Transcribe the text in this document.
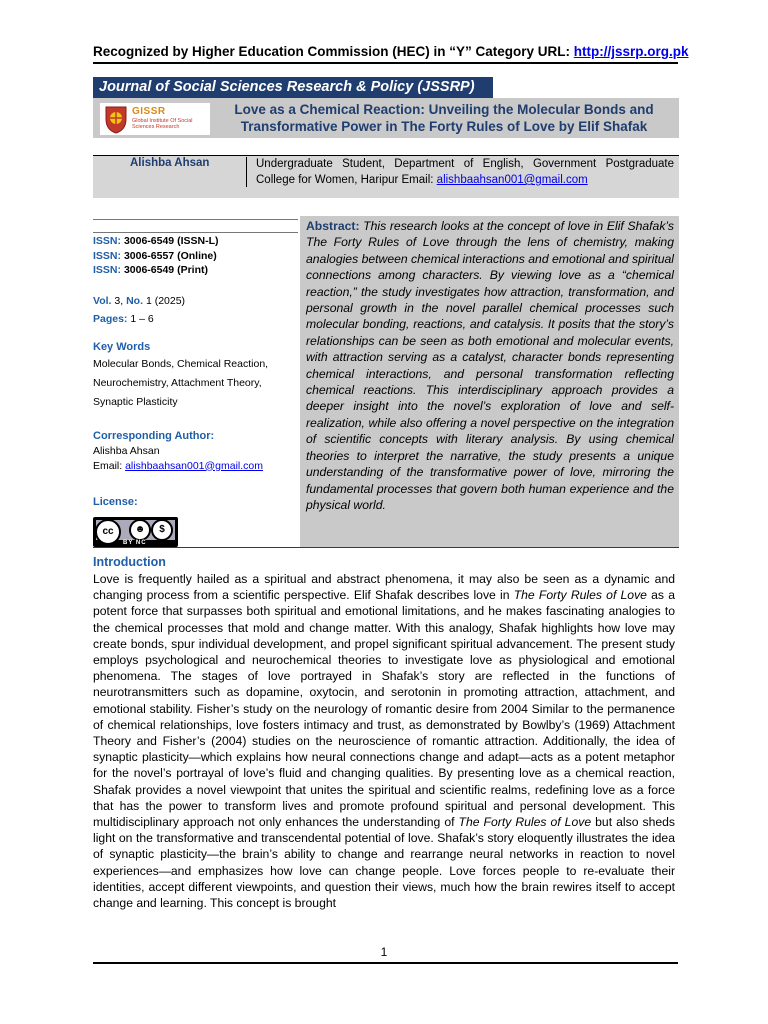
Recognized by Higher Education Commission (HEC) in “Y” Category URL: http://jssrp.org.pk
Journal of Social Sciences Research & Policy (JSSRP)
GISSR
Global Institute Of Social Sciences Research
Love as a Chemical Reaction: Unveiling the Molecular Bonds and
Transformative Power in The Forty Rules of Love by Elif Shafak
Alishba Ahsan	Undergraduate Student, Department of English, Government Postgraduate College for Women, Haripur Email: alishbaahsan001@gmail.com
ISSN: 3006-6549 (ISSN-L)
ISSN: 3006-6557 (Online)
ISSN: 3006-6549 (Print)
Vol. 3, No. 1 (2025)
Pages: 1 – 6
Key Words
Molecular Bonds, Chemical Reaction,
Neurochemistry, Attachment Theory,
Synaptic Plasticity
Corresponding Author:
Alishba Ahsan
Email: alishbaahsan001@gmail.com
License:
cc	☻	$
BY NC
Abstract: This research looks at the concept of love in Elif Shafak’s The Forty Rules of Love through the lens of chemistry, making analogies between chemical interactions and emotional and spiritual connections among characters. By viewing love as a “chemical reaction,” the study investigates how attraction, transformation, and personal growth in the novel parallel chemical processes such molecular bonding, reactions, and catalysis. It posits that the story’s relationships can be seen as both emotional and molecular events, with attraction serving as a catalyst, character bonds representing chemical interactions, and personal transformation reflecting chemical reactions. This interdisciplinary approach provides a deeper insight into the novel’s exploration of love and self-realization, while also offering a novel perspective on the integration of scientific concepts with literary analysis. By using chemical theories to interpret the narrative, the study presents a unique understanding of the transformative power of love, mirroring the fundamental processes that govern both human experience and the physical world.
Introduction
Love is frequently hailed as a spiritual and abstract phenomena, it may also be seen as a dynamic and changing process from a scientific perspective. Elif Shafak describes love in The Forty Rules of Love as a potent force that surpasses both spiritual and emotional limitations, and he makes fascinating analogies to the chemical processes that mold and change matter. With this analogy, Shafak highlights how love may create bonds, spur individual development, and propel significant spiritual advancement. The present study employs psychological and neurochemical theories to investigate love as physiological and emotional phenomena. The stages of love portrayed in Shafak’s story are reflected in the functions of neurotransmitters such as dopamine, oxytocin, and serotonin in promoting attraction, attachment, and emotional stability. Fisher’s study on the neurology of romantic desire from 2004 Similar to the permanence of chemical relationships, love fosters intimacy and trust, as demonstrated by Bowlby’s (1969) Attachment Theory and Fisher’s (2004) studies on the neuroscience of romantic attraction. Additionally, the idea of synaptic plasticity—which explains how neural connections change and adapt—acts as a potent metaphor for the novel’s portrayal of love’s fluid and changing qualities. By presenting love as a chemical reaction, Shafak provides a novel viewpoint that unites the spiritual and scientific realms, redefining love as a force that has the power to transform lives and promote profound spiritual and personal development. This multidisciplinary approach not only enhances the understanding of The Forty Rules of Love but also sheds light on the transformative and transcendental potential of love. Shafak’s story eloquently illustrates the idea of synaptic plasticity—the brain’s ability to change and rearrange neural networks in reaction to novel experiences—and emphasizes how love can change people. Love forces people to re-evaluate their identities, accept different viewpoints, and question their views, much how the brain rewires itself to accept change and learning. This concept is brought
1
